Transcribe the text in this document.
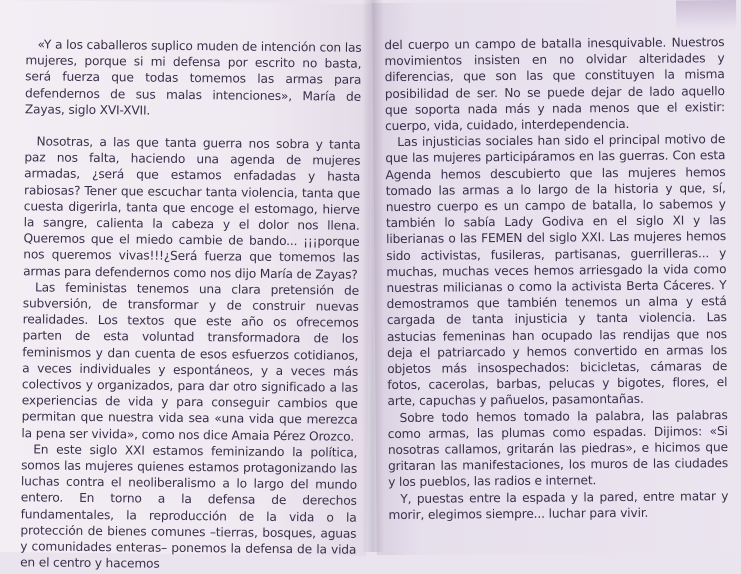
«Y a los caballeros suplico muden de intención con las mujeres, porque si mi defensa por escrito no basta, será fuerza que todas tomemos las armas para defendernos de sus malas intenciones», María de Zayas, siglo XVI-XVII.

Nosotras, a las que tanta guerra nos sobra y tanta paz nos falta, haciendo una agenda de mujeres armadas, ¿será que estamos enfadadas y hasta rabiosas? Tener que escuchar tanta violencia, tanta que cuesta digerirla, tanta que encoge el estomago, hierve la sangre, calienta la cabeza y el dolor nos llena. Queremos que el miedo cambie de bando... ¡¡¡porque nos queremos vivas!!!¿Será fuerza que tomemos las armas para defendernos como nos dijo María de Zayas?

Las feministas tenemos una clara pretensión de subversión, de transformar y de construir nuevas realidades. Los textos que este año os ofrecemos parten de esta voluntad transformadora de los feminismos y dan cuenta de esos esfuerzos cotidianos, a veces individuales y espontáneos, y a veces más colectivos y organizados, para dar otro significado a las experiencias de vida y para conseguir cambios que permitan que nuestra vida sea «una vida que merezca la pena ser vivida», como nos dice Amaia Pérez Orozco.

En este siglo XXI estamos feminizando la política, somos las mujeres quienes estamos protagonizando las luchas contra el neoliberalismo a lo largo del mundo entero. En torno a la defensa de derechos fundamentales, la reproducción de la vida o la protección de bienes comunes –tierras, bosques, aguas y comunidades enteras– ponemos la defensa de la vida en el centro y hacemos

del cuerpo un campo de batalla inesquivable. Nuestros movimientos insisten en no olvidar alteridades y diferencias, que son las que constituyen la misma posibilidad de ser. No se puede dejar de lado aquello que soporta nada más y nada menos que el existir: cuerpo, vida, cuidado, interdependencia.

Las injusticias sociales han sido el principal motivo de que las mujeres participáramos en las guerras. Con esta Agenda hemos descubierto que las mujeres hemos tomado las armas a lo largo de la historia y que, sí, nuestro cuerpo es un campo de batalla, lo sabemos y también lo sabía Lady Godiva en el siglo XI y las liberianas o las FEMEN del siglo XXI. Las mujeres hemos sido activistas, fusileras, partisanas, guerrilleras... y muchas, muchas veces hemos arriesgado la vida como nuestras milicianas o como la activista Berta Cáceres. Y demostramos que también tenemos un alma y está cargada de tanta injusticia y tanta violencia. Las astucias femeninas han ocupado las rendijas que nos deja el patriarcado y hemos convertido en armas los objetos más insospechados: bicicletas, cámaras de fotos, cacerolas, barbas, pelucas y bigotes, flores, el arte, capuchas y pañuelos, pasamontañas.

Sobre todo hemos tomado la palabra, las palabras como armas, las plumas como espadas. Dijimos: «Si nosotras callamos, gritarán las piedras», e hicimos que gritaran las manifestaciones, los muros de las ciudades y los pueblos, las radios e internet.

Y, puestas entre la espada y la pared, entre matar y morir, elegimos siempre... luchar para vivir.
